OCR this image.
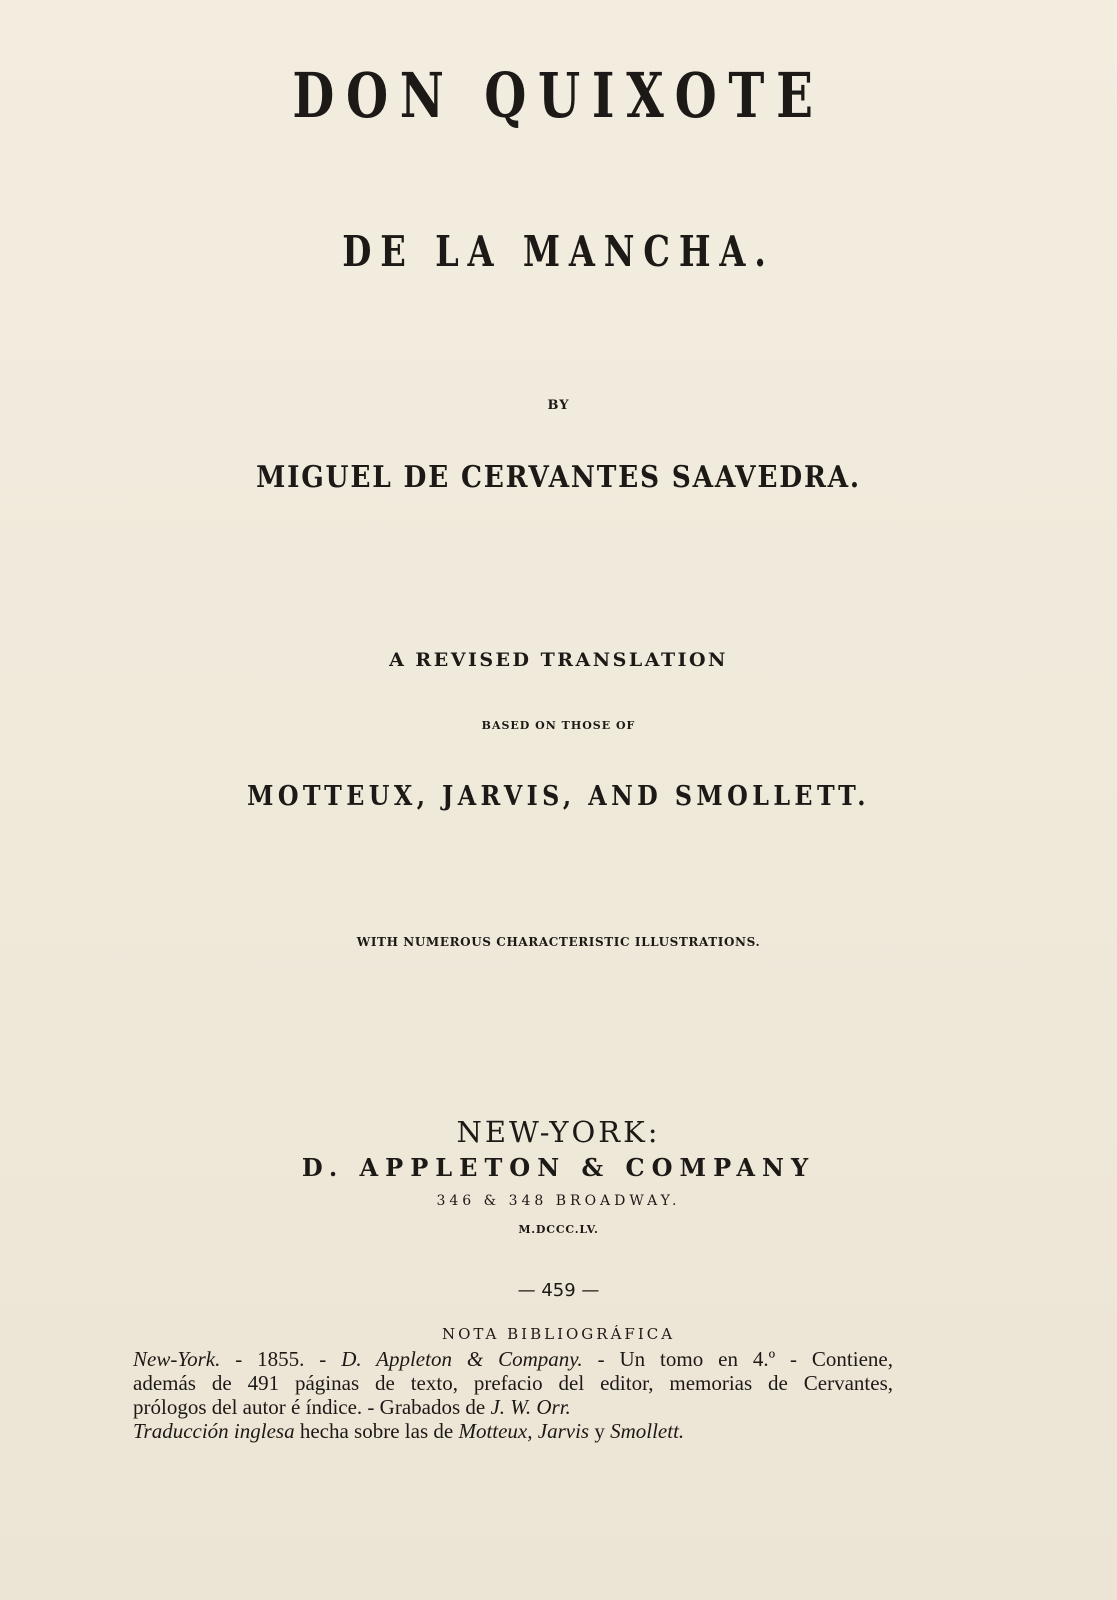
DON QUIXOTE
DE LA MANCHA.
BY
MIGUEL DE CERVANTES SAAVEDRA.
A REVISED TRANSLATION
BASED ON THOSE OF
MOTTEUX, JARVIS, AND SMOLLETT.
WITH NUMEROUS CHARACTERISTIC ILLUSTRATIONS.
NEW-YORK:
D. APPLETON & COMPANY
346 & 348 BROADWAY.
M.DCCC.LV.
— 459 —
NOTA BIBLIOGRÁFICA
New-York. - 1855. - D. Appleton & Company. - Un tomo en 4.º - Contiene,
además de 491 páginas de texto, prefacio del editor, memorias de Cervantes,
prólogos del autor é índice. - Grabados de J. W. Orr.
Traducción inglesa hecha sobre las de Motteux, Jarvis y Smollett.
